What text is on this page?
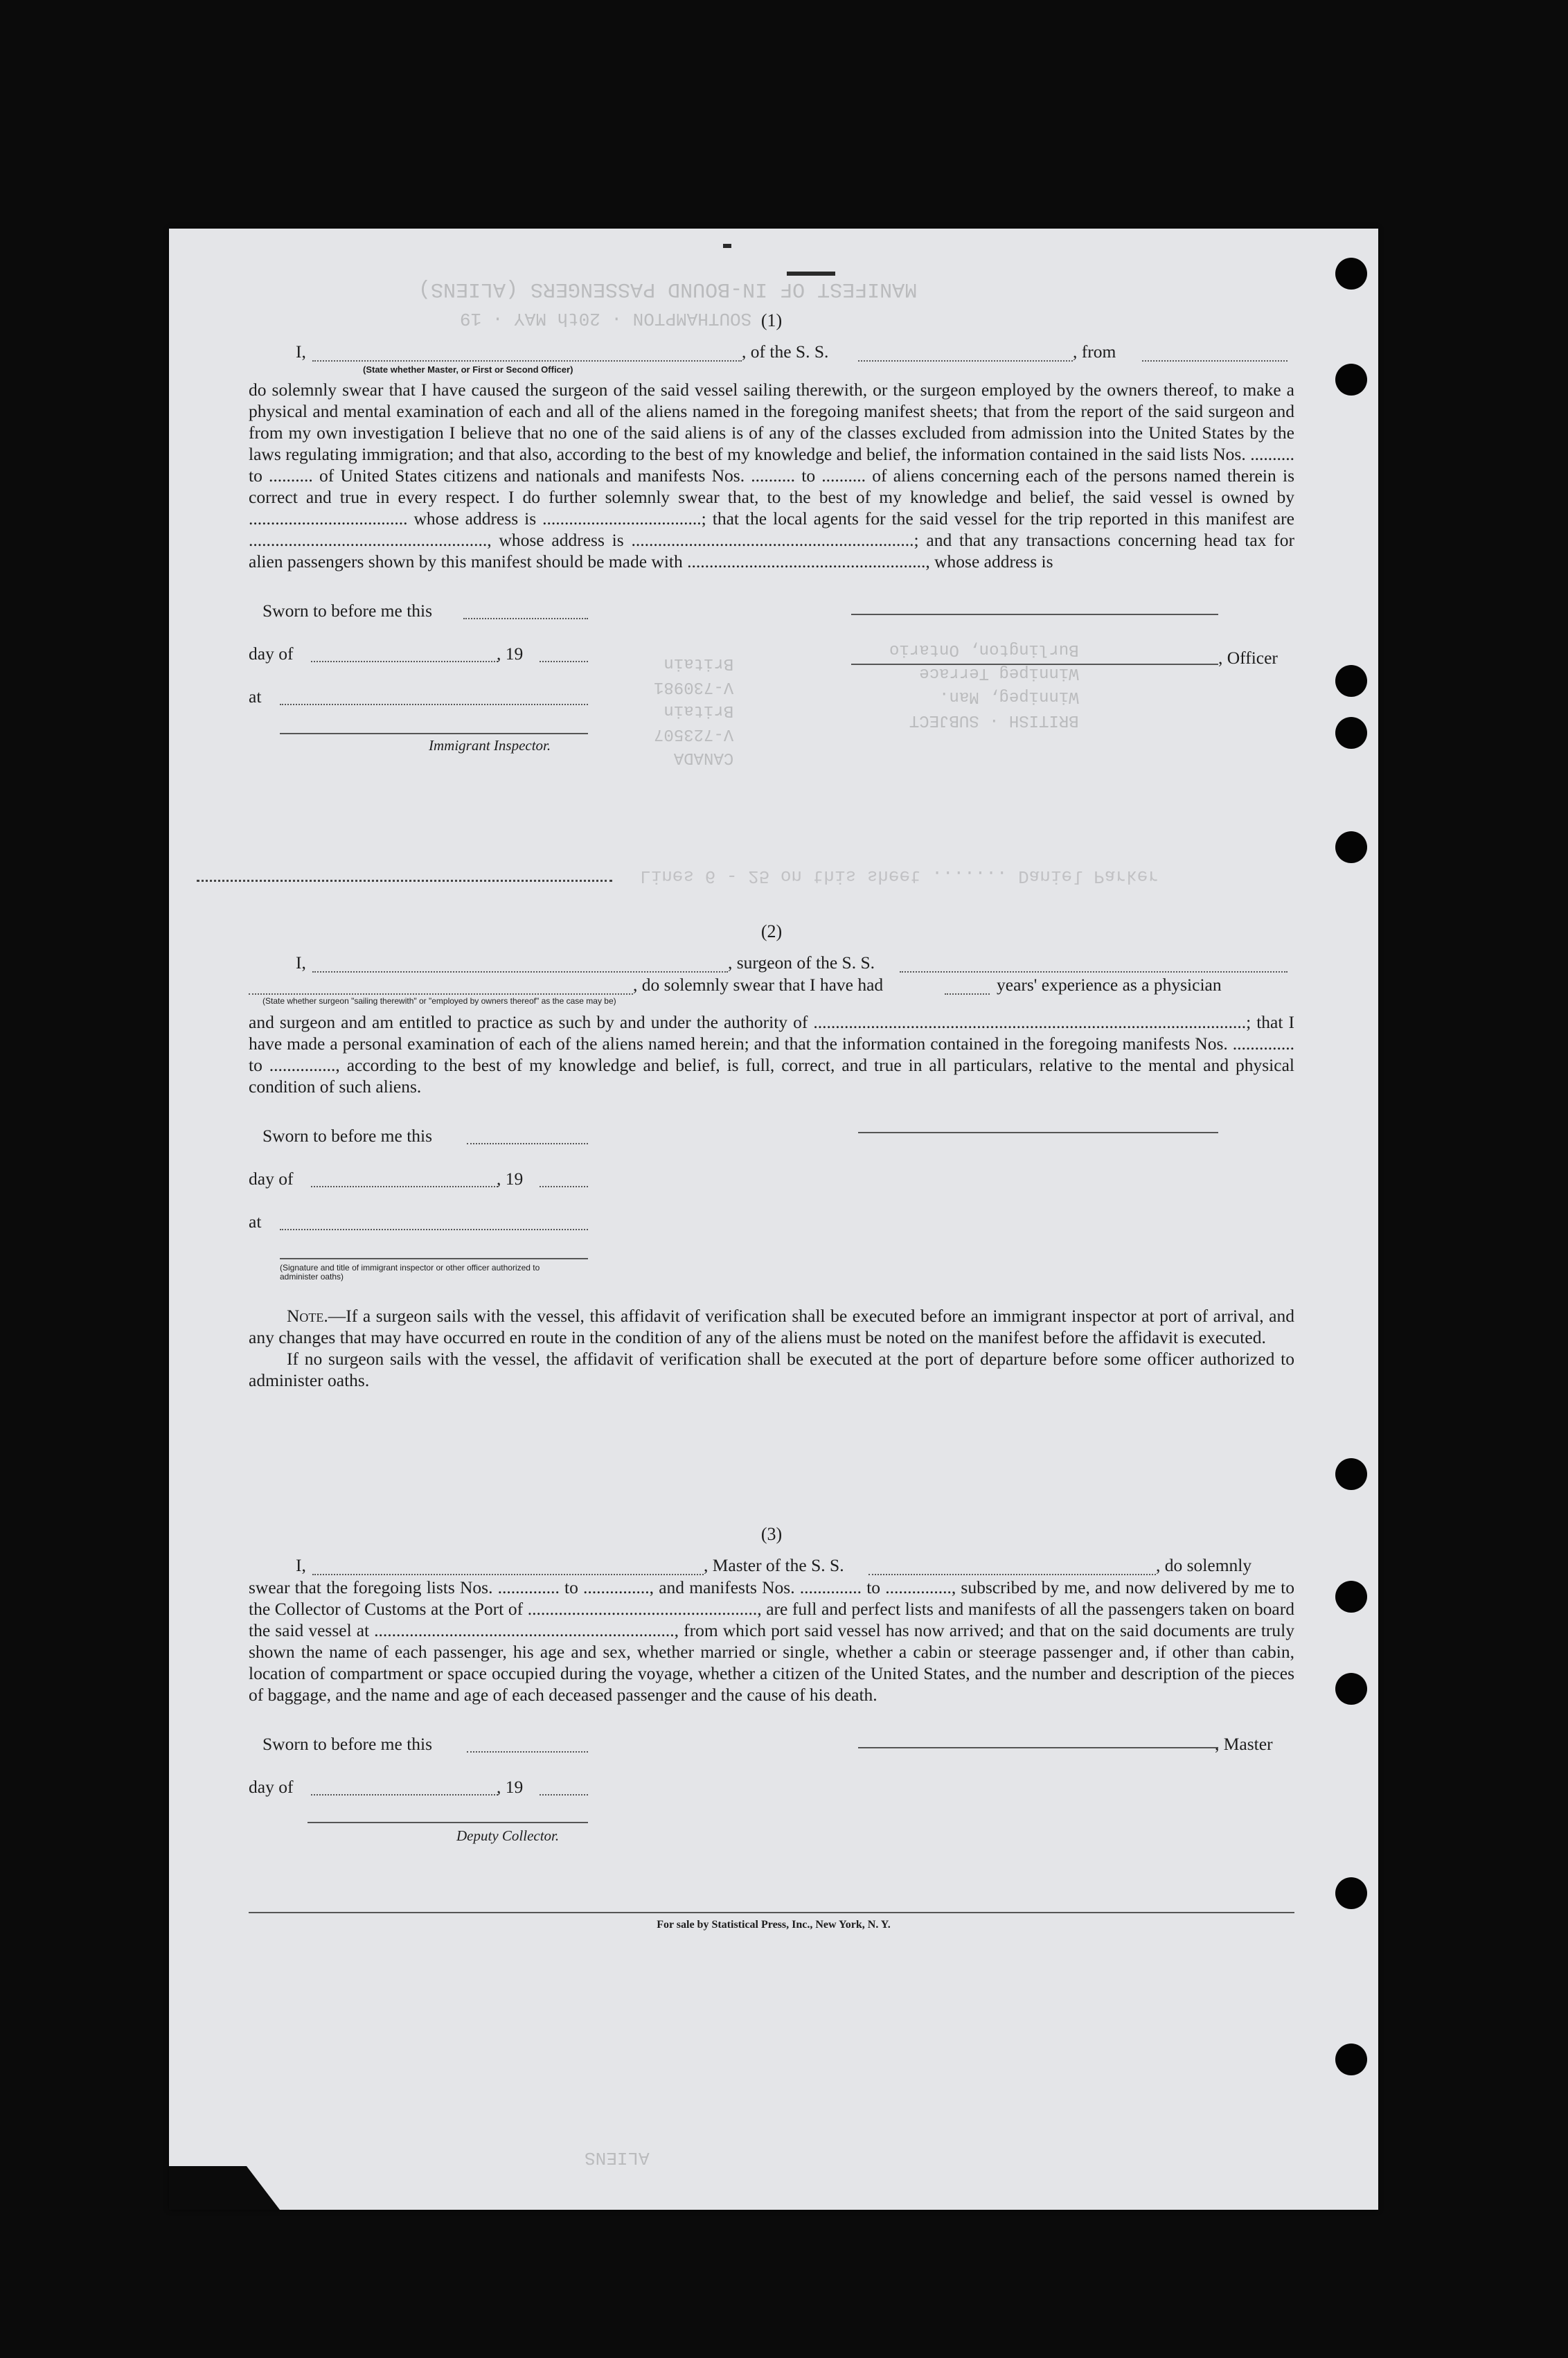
MANIFEST OF IN-BOUND PASSENGERS (ALIENS)
SOUTHAMPTON · 20th MAY · 19
BRITISH · SUBJECT
Winnipeg, Man.
Winnipeg Terrace
Burlington, Ontario
CANADA
V-723507
Britain
V-730981
Britain
ALIENS
Lines 6 - 25 on this sheet ....... Daniel Parker
(1)
I,	, of the S. S.	, from
(State whether Master, or First or Second Officer)

do solemnly swear that I have caused the surgeon of the said vessel sailing therewith, or the surgeon employed by the owners thereof, to make a physical and mental examination of each and all of the aliens named in the foregoing manifest sheets; that from the report of the said surgeon and from my own investigation I believe that no one of the said aliens is of any of the classes excluded from admission into the United States by the laws regulating immigration; and that also, according to the best of my knowledge and belief, the information contained in the said lists Nos. .......... to .......... of United States citizens and nationals and manifests Nos. .......... to .......... of aliens concerning each of the persons named therein is correct and true in every respect. I do further solemnly swear that, to the best of my knowledge and belief, the said vessel is owned by .................................... whose address is ....................................; that the local agents for the said vessel for the trip reported in this manifest are ......................................................, whose address is ................................................................; and that any transactions concerning head tax for alien passengers shown by this manifest should be made with ......................................................, whose address is

Sworn to before me this
day of	, 19
at
Immigrant Inspector.
, Officer
(2)
I,	, surgeon of the S. S.
, do solemnly swear that I have had	years' experience as a physician
(State whether surgeon "sailing therewith" or "employed by owners thereof" as the case may be)

and surgeon and am entitled to practice as such by and under the authority of ..................................................................................................; that I have made a personal examination of each of the aliens named herein; and that the information contained in the foregoing manifests Nos. .............. to ..............., according to the best of my knowledge and belief, is full, correct, and true in all particulars, relative to the mental and physical condition of such aliens.

Sworn to before me this
day of	, 19
at
(Signature and title of immigrant inspector or other officer authorized to administer oaths)

Note.—If a surgeon sails with the vessel, this affidavit of verification shall be executed before an immigrant inspector at port of arrival, and any changes that may have occurred en route in the condition of any of the aliens must be noted on the manifest before the affidavit is executed.

If no surgeon sails with the vessel, the affidavit of verification shall be executed at the port of departure before some officer authorized to administer oaths.

(3)
I,	, Master of the S. S.	, do solemnly

swear that the foregoing lists Nos. .............. to ..............., and manifests Nos. .............. to ..............., subscribed by me, and now delivered by me to the Collector of Customs at the Port of ...................................................., are full and perfect lists and manifests of all the passengers taken on board the said vessel at ...................................................................., from which port said vessel has now arrived; and that on the said documents are truly shown the name of each passenger, his age and sex, whether married or single, whether a cabin or steerage passenger and, if other than cabin, location of compartment or space occupied during the voyage, whether a citizen of the United States, and the number and description of the pieces of baggage, and the name and age of each deceased passenger and the cause of his death.

Sworn to before me this	, Master
day of	, 19
Deputy Collector.
For sale by Statistical Press, Inc., New York, N. Y.
